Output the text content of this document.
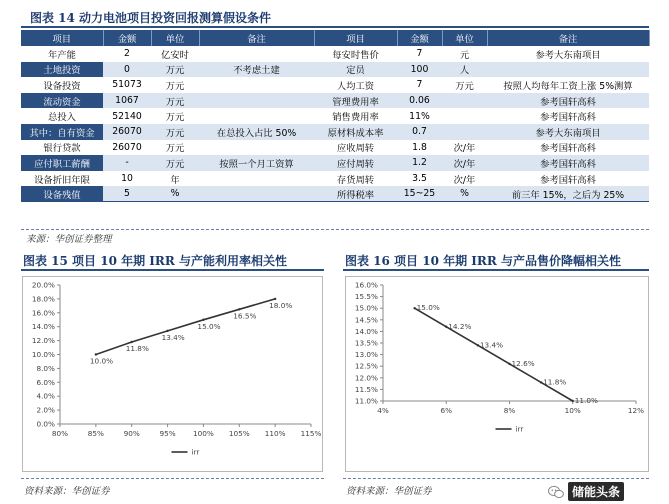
图表 14 动力电池项目投资回报测算假设条件
项目	金额	单位	备注	项目	金额	单位	备注
年产能	2	亿安时		每安时售价	7	元	参考大东南项目
土地投资	0	万元	不考虑土建	定员	100	人	
设备投资	51073	万元		人均工资	7	万元	按照人均每年工资上涨 5%测算
流动资金	1067	万元		管理费用率	0.06		参考国轩高科
总投入	52140	万元		销售费用率	11%		参考国轩高科
其中：自有资金	26070	万元	在总投入占比 50%	原材料成本率	0.7		参考大东南项目
银行贷款	26070	万元		应收周转	1.8	次/年	参考国轩高科
应付职工薪酬	-	万元	按照一个月工资算	应付周转	1.2	次/年	参考国轩高科
设备折旧年限	10	年		存货周转	3.5	次/年	参考国轩高科
设备残值	5	%		所得税率	15~25	%	前三年 15%，之后为 25%
来源：华创证券整理
图表 15 项目 10 年期 IRR 与产能利用率相关性
0.0%
2.0%
4.0%
6.0%
8.0%
10.0%
12.0%
14.0%
16.0%
18.0%
20.0%
80%	85%	90%	95% 100% 105% 110% 115%
10.0%
11.8%
13.4%
15.0%
16.5%
18.0%
irr
资料来源：华创证券
图表 16 项目 10 年期 IRR 与产品售价降幅相关性
11.0%
11.5%
12.0%
12.5%
13.0%
13.5%
14.0%
14.5%
15.0%
15.5%
16.0%
4%	6%	8%	10%	12%
15.0%
14.2%
13.4%
12.6%
11.8%
11.0%
irr
资料来源：华创证券	储能头条
